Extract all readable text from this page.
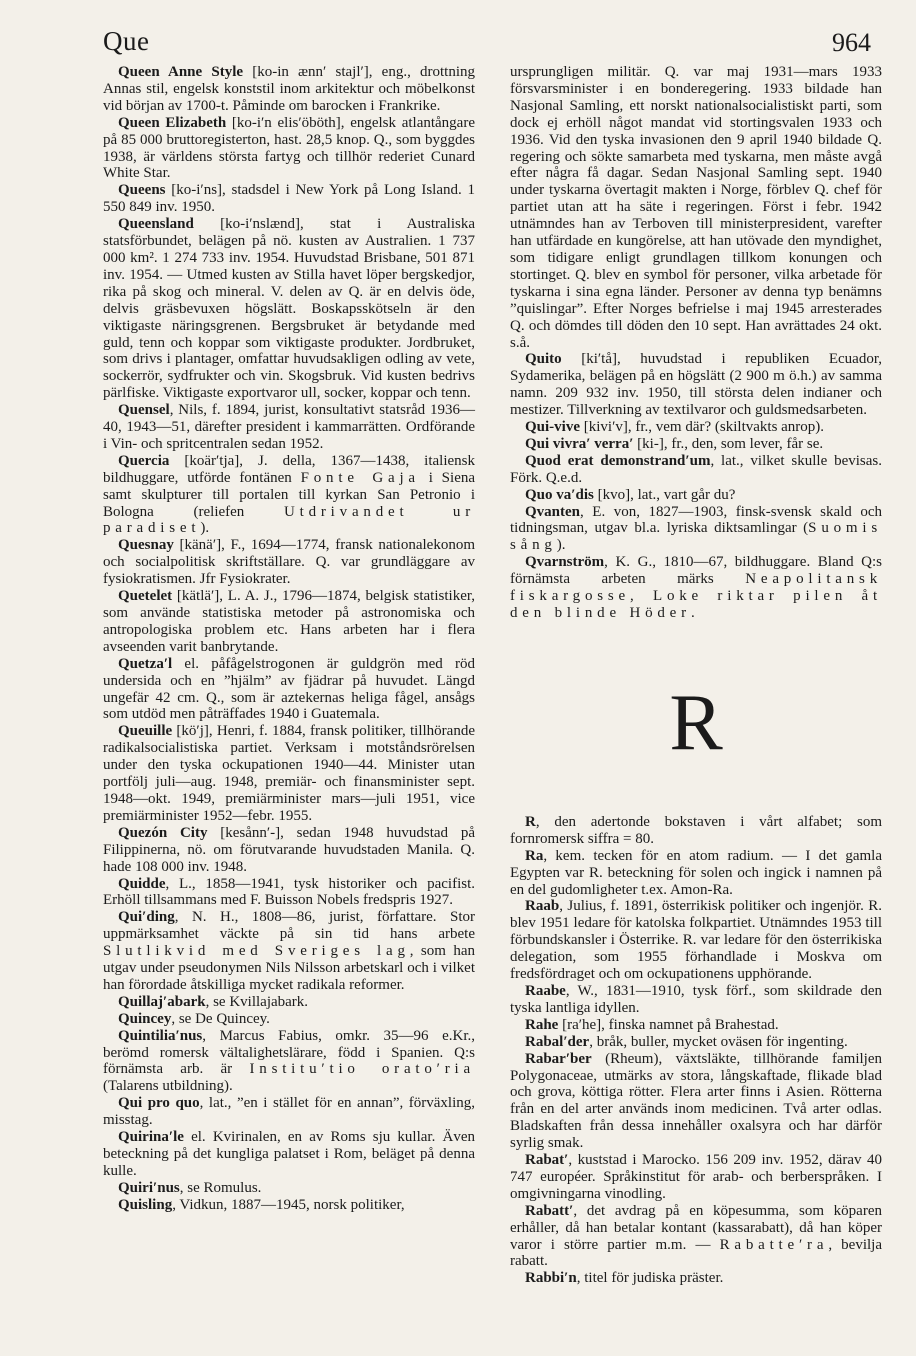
Que	964

Queen Anne Style [ko-in ænn′ stajl′], eng., drottning Annas stil, engelsk konststil inom arkitektur och möbelkonst vid början av 1700-t. Påminde om barocken i Frankrike.

Queen Elizabeth [ko-i′n elis′öböth], engelsk atlantångare på 85 000 bruttoregisterton, hast. 28,5 knop. Q., som byggdes 1938, är världens största fartyg och tillhör rederiet Cunard White Star.

Queens [ko-i′ns], stadsdel i New York på Long Island. 1 550 849 inv. 1950.

Queensland [ko-i′nslænd], stat i Australiska statsförbundet, belägen på nö. kusten av Australien. 1 737 000 km². 1 274 733 inv. 1954. Huvudstad Brisbane, 501 871 inv. 1954. — Utmed kusten av Stilla havet löper bergskedjor, rika på skog och mineral. V. delen av Q. är en delvis öde, delvis gräsbevuxen högslätt. Boskapsskötseln är den viktigaste näringsgrenen. Bergsbruket är betydande med guld, tenn och koppar som viktigaste produkter. Jordbruket, som drivs i plantager, omfattar huvudsakligen odling av vete, sockerrör, sydfrukter och vin. Skogsbruk. Vid kusten bedrivs pärlfiske. Viktigaste exportvaror ull, socker, koppar och tenn.

Quensel, Nils, f. 1894, jurist, konsultativt statsråd 1936—40, 1943—51, därefter president i kammarrätten. Ordförande i Vin- och spritcentralen sedan 1952.

Quercia [koär′tja], J. della, 1367—1438, italiensk bildhuggare, utförde fontänen Fonte Gaja i Siena samt skulpturer till portalen till kyrkan San Petronio i Bologna (reliefen Utdrivandet ur paradiset).

Quesnay [känä′], F., 1694—1774, fransk nationalekonom och socialpolitisk skriftställare. Q. var grundläggare av fysiokratismen. Jfr Fysiokrater.

Quetelet [kätlä′], L. A. J., 1796—1874, belgisk statistiker, som använde statistiska metoder på astronomiska och antropologiska problem etc. Hans arbeten har i flera avseenden varit banbrytande.

Quetza′l el. påfågelstrogonen är guldgrön med röd undersida och en ”hjälm” av fjädrar på huvudet. Längd ungefär 42 cm. Q., som är aztekernas heliga fågel, ansågs som utdöd men påträffades 1940 i Guatemala.

Queuille [kö′j], Henri, f. 1884, fransk politiker, tillhörande radikalsocialistiska partiet. Verksam i motståndsrörelsen under den tyska ockupationen 1940—44. Minister utan portfölj juli—aug. 1948, premiär- och finansminister sept. 1948—okt. 1949, premiärminister mars—juli 1951, vice premiärminister 1952—febr. 1955.

Quezón City [kesånn′-], sedan 1948 huvudstad på Filippinerna, nö. om förutvarande huvudstaden Manila. Q. hade 108 000 inv. 1948.

Quidde, L., 1858—1941, tysk historiker och pacifist. Erhöll tillsammans med F. Buisson Nobels fredspris 1927.

Qui′ding, N. H., 1808—86, jurist, författare. Stor uppmärksamhet väckte på sin tid hans arbete Slutlikvid med Sveriges lag, som han utgav under pseudonymen Nils Nilsson arbetskarl och i vilket han förordade åtskilliga mycket radikala reformer.

Quillaj′abark, se Kvillajabark.

Quincey, se De Quincey.

Quintilia′nus, Marcus Fabius, omkr. 35—96 e.Kr., berömd romersk vältalighetslärare, född i Spanien. Q:s förnämsta arb. är Institu′tio orato′ria (Talarens utbildning).

Qui pro quo, lat., ”en i stället för en annan”, förväxling, misstag.

Quirina′le el. Kvirinalen, en av Roms sju kullar. Även beteckning på det kungliga palatset i Rom, beläget på denna kulle.

Quiri′nus, se Romulus.

Quisling, Vidkun, 1887—1945, norsk politiker,

ursprungligen militär. Q. var maj 1931—mars 1933 försvarsminister i en bonderegering. 1933 bildade han Nasjonal Samling, ett norskt nationalsocialistiskt parti, som dock ej erhöll något mandat vid stortingsvalen 1933 och 1936. Vid den tyska invasionen den 9 april 1940 bildade Q. regering och sökte samarbeta med tyskarna, men måste avgå efter några få dagar. Sedan Nasjonal Samling sept. 1940 under tyskarna övertagit makten i Norge, förblev Q. chef för partiet utan att ha säte i regeringen. Först i febr. 1942 utnämndes han av Terboven till ministerpresident, varefter han utfärdade en kungörelse, att han utövade den myndighet, som tidigare enligt grundlagen tillkom konungen och stortinget. Q. blev en symbol för personer, vilka arbetade för tyskarna i sina egna länder. Personer av denna typ benämns ”quislingar”. Efter Norges befrielse i maj 1945 arresterades Q. och dömdes till döden den 10 sept. Han avrättades 24 okt. s.å.

Quito [ki′tå], huvudstad i republiken Ecuador, Sydamerika, belägen på en högslätt (2 900 m ö.h.) av samma namn. 209 932 inv. 1950, till största delen indianer och mestizer. Tillverkning av textilvaror och guldsmedsarbeten.

Qui-vive [kivi′v], fr., vem där? (skiltvakts anrop).

Qui vivra′ verra′ [ki-], fr., den, som lever, får se.

Quod erat demonstrand′um, lat., vilket skulle bevisas. Förk. Q.e.d.

Quo va′dis [kvo], lat., vart går du?

Qvanten, E. von, 1827—1903, finsk-svensk skald och tidningsman, utgav bl.a. lyriska diktsamlingar (Suomis sång).

Qvarnström, K. G., 1810—67, bildhuggare. Bland Q:s förnämsta arbeten märks Neapolitansk fiskargosse, Loke riktar pilen åt den blinde Höder.

R

R, den adertonde bokstaven i vårt alfabet; som fornromersk siffra = 80.

Ra, kem. tecken för en atom radium. — I det gamla Egypten var R. beteckning för solen och ingick i namnen på en del gudomligheter t.ex. Amon-Ra.

Raab, Julius, f. 1891, österrikisk politiker och ingenjör. R. blev 1951 ledare för katolska folkpartiet. Utnämndes 1953 till förbundskansler i Österrike. R. var ledare för den österrikiska delegation, som 1955 förhandlade i Moskva om fredsfördraget och om ockupationens upphörande.

Raabe, W., 1831—1910, tysk förf., som skildrade den tyska lantliga idyllen.

Rahe [ra′he], finska namnet på Brahestad.

Rabal′der, bråk, buller, mycket oväsen för ingenting.

Rabar′ber (Rheum), växtsläkte, tillhörande familjen Polygonaceae, utmärks av stora, långskaftade, flikade blad och grova, köttiga rötter. Flera arter finns i Asien. Rötterna från en del arter används inom medicinen. Två arter odlas. Bladskaften från dessa innehåller oxalsyra och har därför syrlig smak.

Rabat′, kuststad i Marocko. 156 209 inv. 1952, därav 40 747 européer. Språkinstitut för arab- och berberspråken. I omgivningarna vinodling.

Rabatt′, det avdrag på en köpesumma, som köparen erhåller, då han betalar kontant (kassarabatt), då han köper varor i större partier m.m. — Rabatte′ra, bevilja rabatt.

Rabbi′n, titel för judiska präster.
